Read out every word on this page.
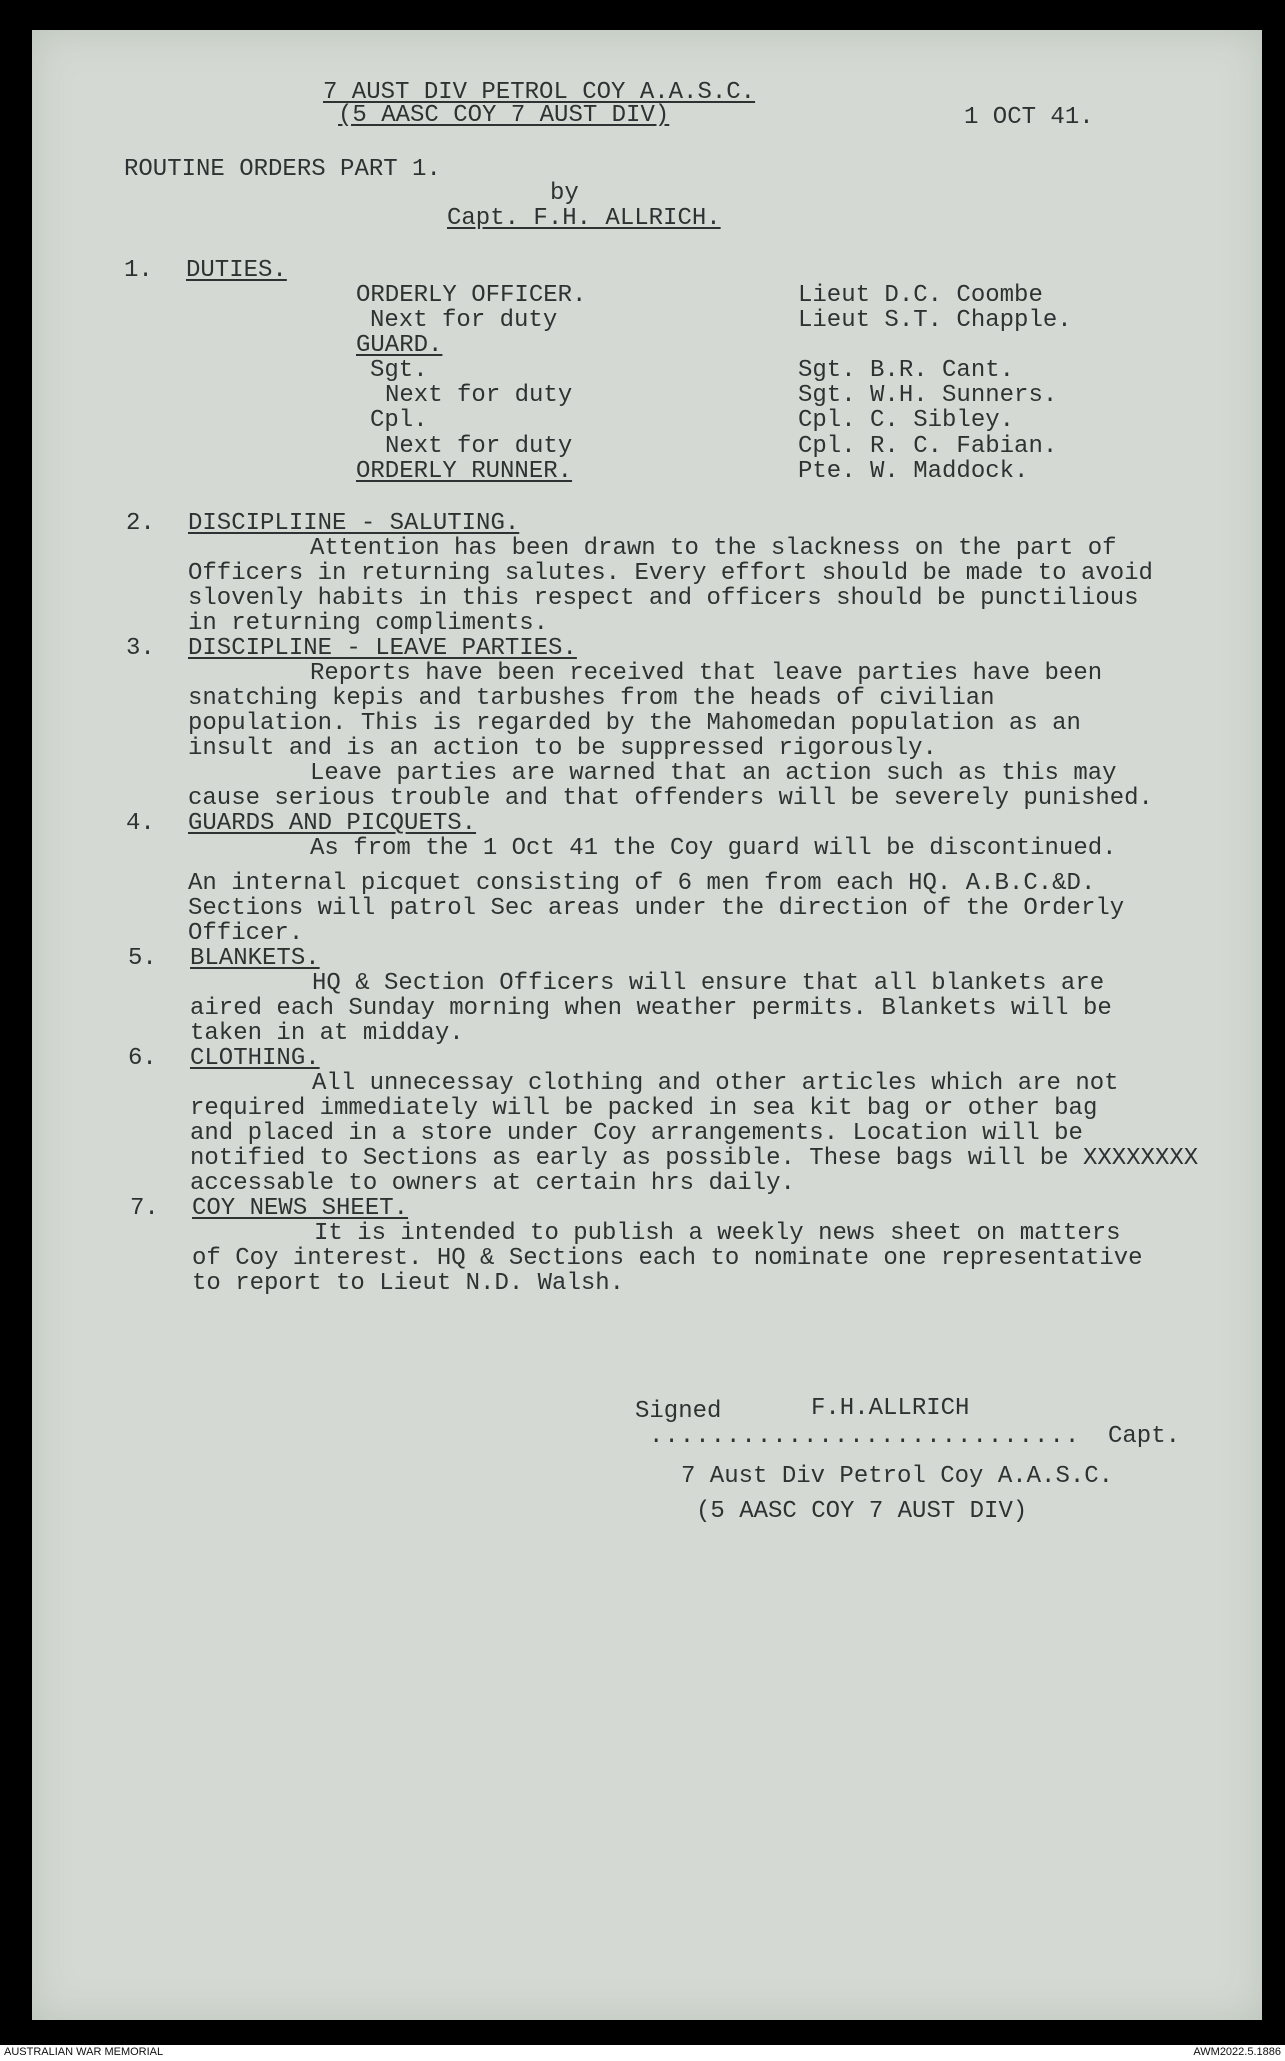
7 AUST DIV PETROL COY A.A.S.C.
(5 AASC COY 7 AUST DIV)	1 OCT 41.
ROUTINE ORDERS PART 1.
by
Capt. F.H. ALLRICH.
1. DUTIES.
ORDERLY OFFICER.	Lieut D.C. Coombe
Next for duty	Lieut S.T. Chapple.
GUARD.
Sgt.	Sgt. B.R. Cant.
Next for duty	Sgt. W.H. Sunners.
Cpl.	Cpl. C. Sibley.
Next for duty	Cpl. R. C. Fabian.
ORDERLY RUNNER.	Pte. W. Maddock.
2. DISCIPLIINE - SALUTING.
Attention has been drawn to the slackness on the part of
Officers in returning salutes. Every effort should be made to avoid
slovenly habits in this respect and officers should be punctilious
in returning compliments.
3. DISCIPLINE - LEAVE PARTIES.
Reports have been received that leave parties have been
snatching kepis and tarbushes from the heads of civilian
population. This is regarded by the Mahomedan population as an
insult and is an action to be suppressed rigorously.
Leave parties are warned that an action such as this may
cause serious trouble and that offenders will be severely punished.
4. GUARDS AND PICQUETS.
As from the 1 Oct 41 the Coy guard will be discontinued.
An internal picquet consisting of 6 men from each HQ. A.B.C.&D.
Sections will patrol Sec areas under the direction of the Orderly
Officer.
5. BLANKETS.
HQ & Section Officers will ensure that all blankets are
aired each Sunday morning when weather permits. Blankets will be
taken in at midday.
6. CLOTHING.
All unnecessay clothing and other articles which are not
required immediately will be packed in sea kit bag or other bag
and placed in a store under Coy arrangements. Location will be
notified to Sections as early as possible. These bags will be XXXXXXXX
accessable to owners at certain hrs daily.
7. COY NEWS SHEET.
It is intended to publish a weekly news sheet on matters
of Coy interest. HQ & Sections each to nominate one representative
to report to Lieut N.D. Walsh.
Signed	F.H.ALLRICH
............................ Capt.
7 Aust Div Petrol Coy A.A.S.C.
(5 AASC COY 7 AUST DIV)
AUSTRALIAN WAR MEMORIAL	AWM2022.5.1886
